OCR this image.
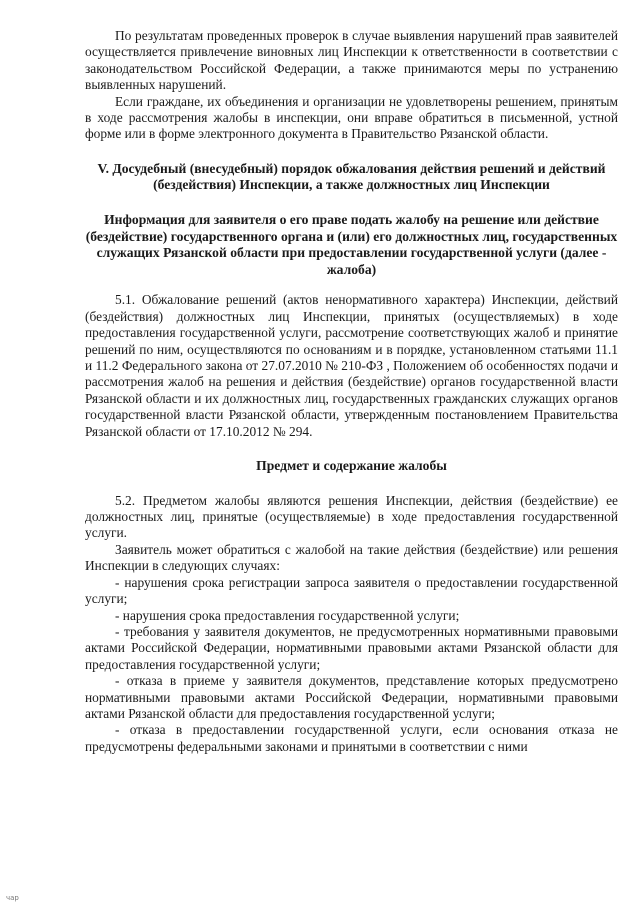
По результатам проведенных проверок в случае выявления нарушений прав заявителей осуществляется привлечение виновных лиц Инспекции к ответственности в соответствии с законодательством Российской Федерации, а также принимаются меры по устранению выявленных нарушений.

Если граждане, их объединения и организации не удовлетворены решением, принятым в ходе рассмотрения жалобы в инспекции, они вправе обратиться в письменной, устной форме или в форме электронного документа в Правительство Рязанской области.

V. Досудебный (внесудебный) порядок обжалования действия решений и действий (бездействия) Инспекции, а также должностных лиц Инспекции

Информация для заявителя о его праве подать жалобу на решение или действие (бездействие) государственного органа и (или) его должностных лиц, государственных служащих Рязанской области при предоставлении государственной услуги (далее - жалоба)

5.1. Обжалование решений (актов ненормативного характера) Инспекции, действий (бездействия) должностных лиц Инспекции, принятых (осуществляемых) в ходе предоставления государственной услуги, рассмотрение соответствующих жалоб и принятие решений по ним, осуществляются по основаниям и в порядке, установленном статьями 11.1 и 11.2 Федерального закона от 27.07.2010 № 210-ФЗ , Положением об особенностях подачи и рассмотрения жалоб на решения и действия (бездействие) органов государственной власти Рязанской области и их должностных лиц, государственных гражданских служащих органов государственной власти Рязанской области, утвержденным постановлением Правительства Рязанской области от 17.10.2012 № 294.

Предмет и содержание жалобы

5.2. Предметом жалобы являются решения Инспекции, действия (бездействие) ее должностных лиц, принятые (осуществляемые) в ходе предоставления государственной услуги.

Заявитель может обратиться с жалобой на такие действия (бездействие) или решения Инспекции в следующих случаях:

- нарушения срока регистрации запроса заявителя о предоставлении государственной услуги;

- нарушения срока предоставления государственной услуги;

- требования у заявителя документов, не предусмотренных нормативными правовыми актами Российской Федерации, нормативными правовыми актами Рязанской области для предоставления государственной услуги;

- отказа в приеме у заявителя документов, представление которых предусмотрено нормативными правовыми актами Российской Федерации, нормативными правовыми актами Рязанской области для предоставления государственной услуги;

- отказа в предоставлении государственной услуги, если основания отказа не предусмотрены федеральными законами и принятыми в соответствии с ними

чар
